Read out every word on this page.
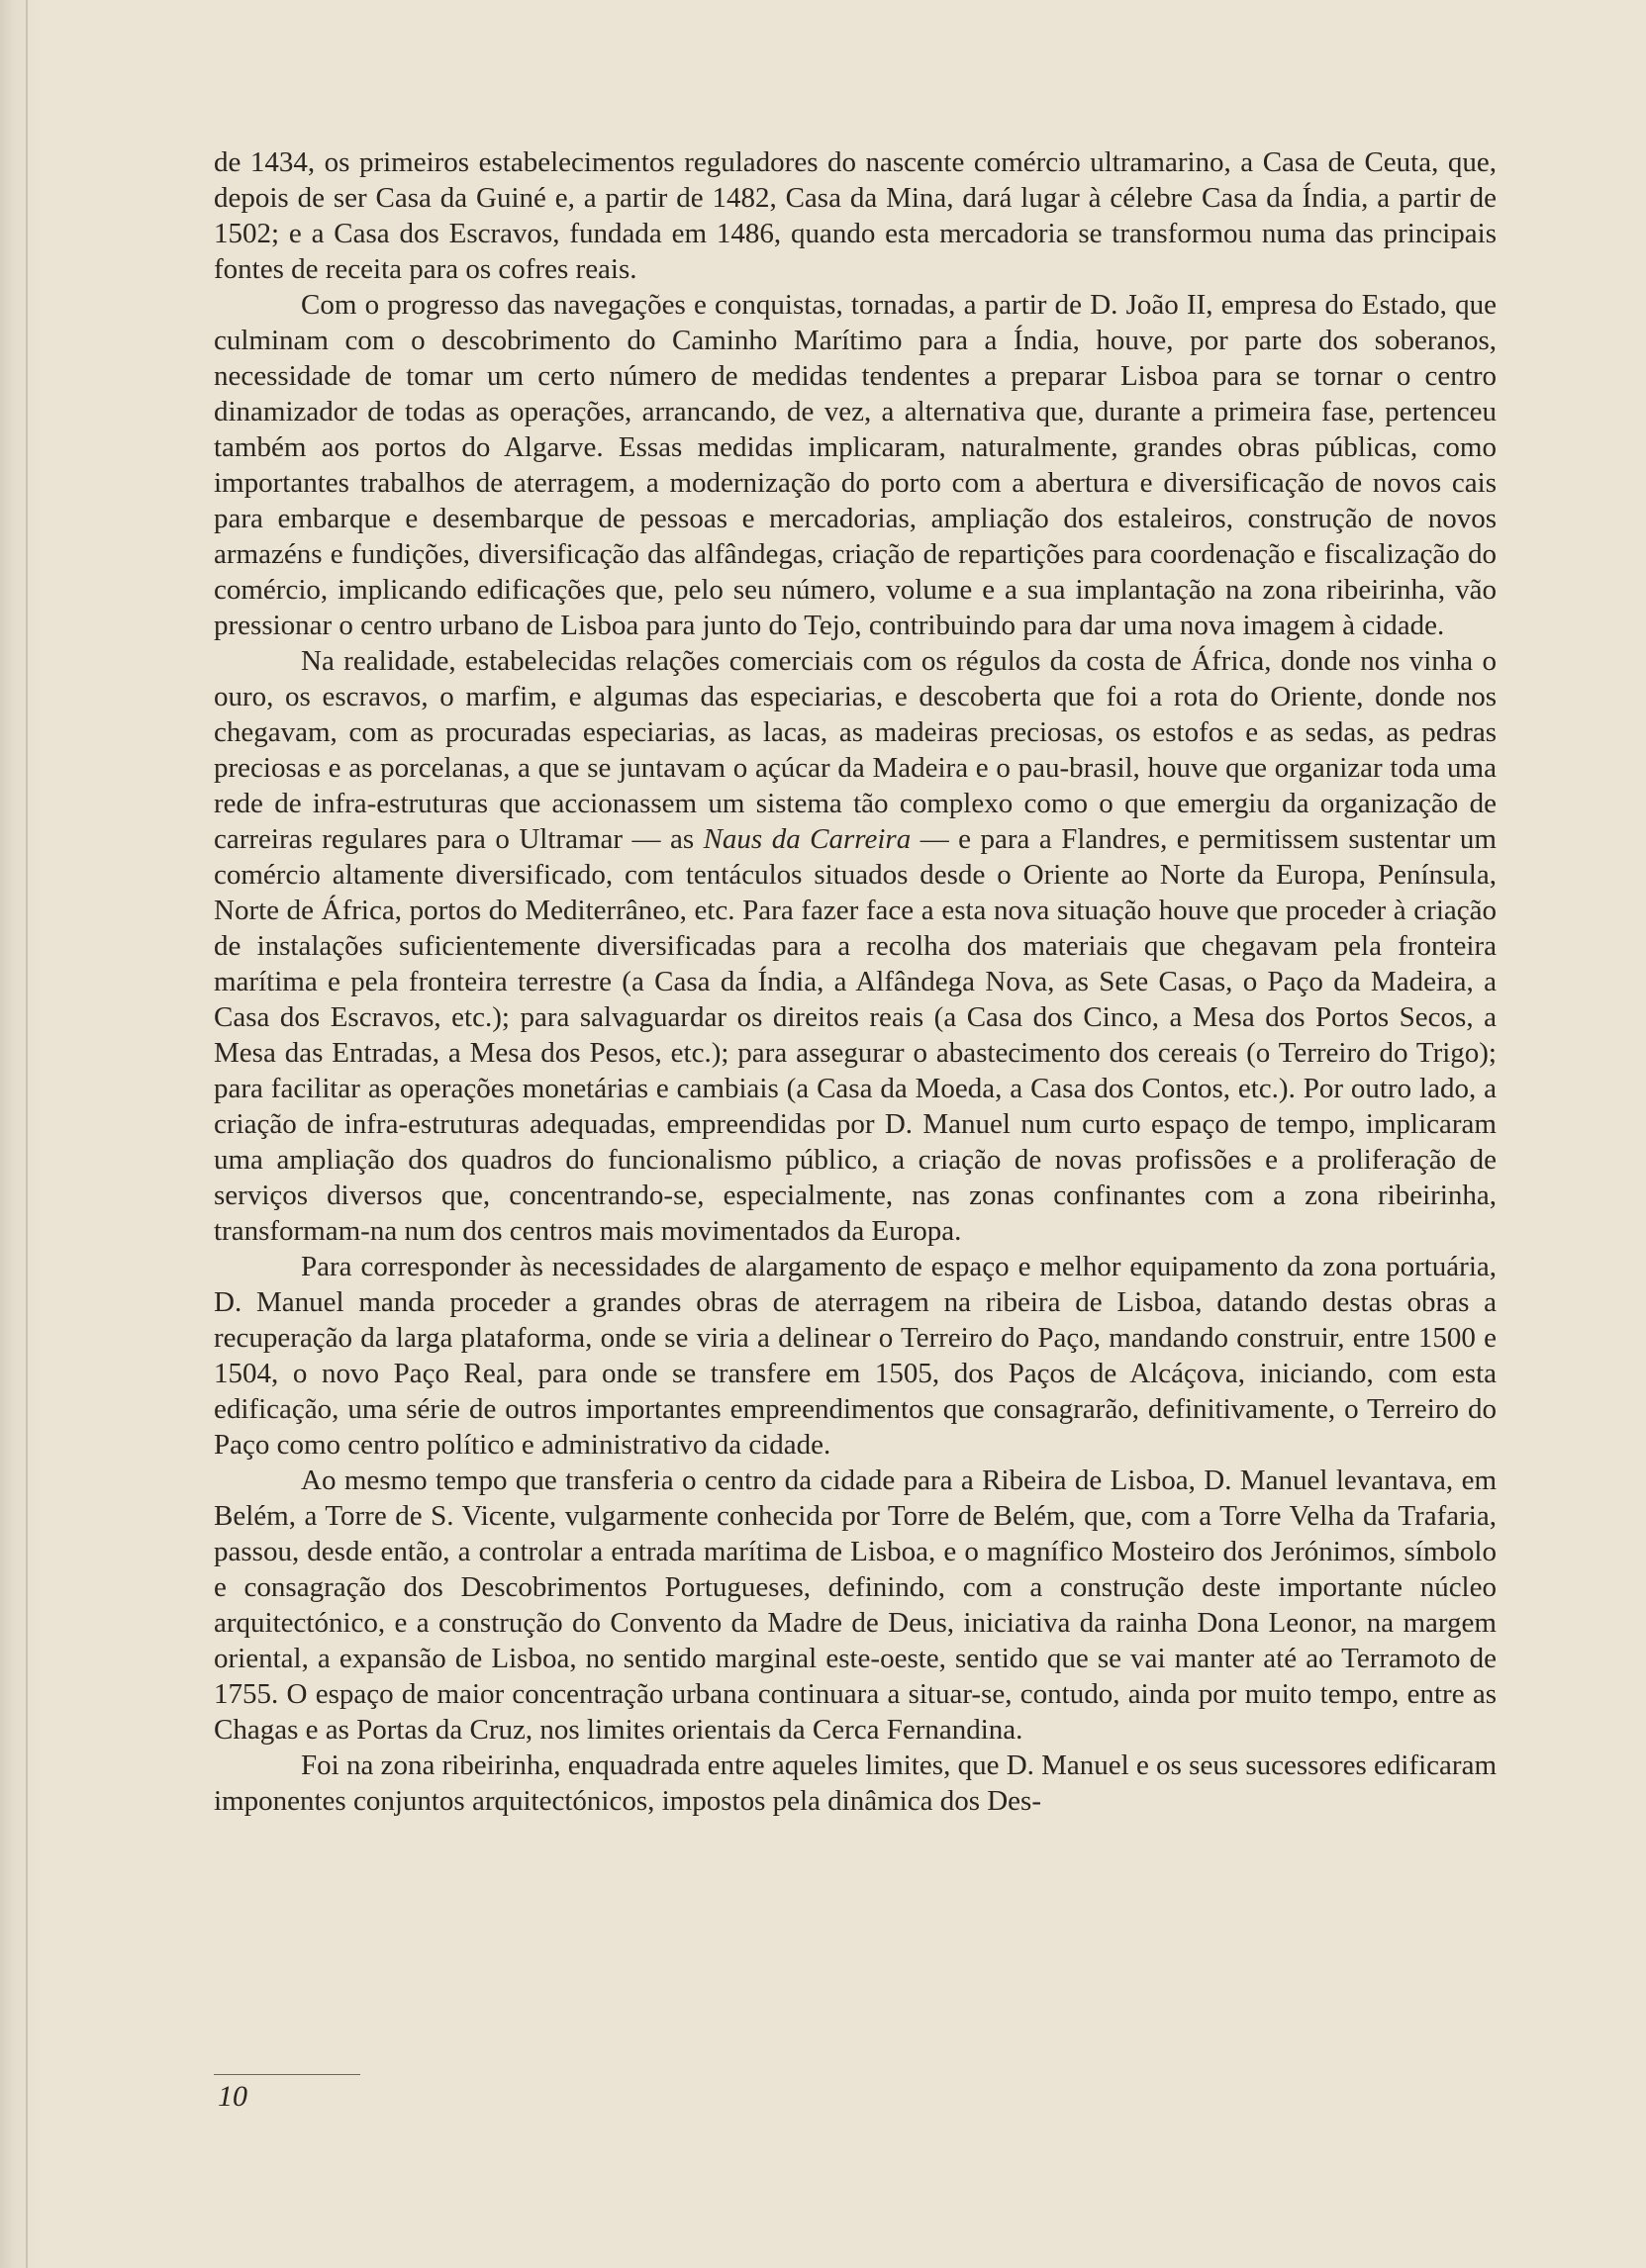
de 1434, os primeiros estabelecimentos reguladores do nascente comércio ultramarino, a Casa de Ceuta, que, depois de ser Casa da Guiné e, a partir de 1482, Casa da Mina, dará lugar à célebre Casa da Índia, a partir de 1502; e a Casa dos Escravos, fundada em 1486, quando esta mercadoria se transformou numa das principais fontes de receita para os cofres reais.

Com o progresso das navegações e conquistas, tornadas, a partir de D. João II, empresa do Estado, que culminam com o descobrimento do Caminho Marítimo para a Índia, houve, por parte dos soberanos, necessidade de tomar um certo número de medidas tendentes a preparar Lisboa para se tornar o centro dinamizador de todas as operações, arrancando, de vez, a alternativa que, durante a primeira fase, pertenceu também aos portos do Algarve. Essas medidas implicaram, naturalmente, grandes obras públicas, como importantes trabalhos de aterragem, a modernização do porto com a abertura e diversificação de novos cais para embarque e desembarque de pessoas e mercadorias, ampliação dos estaleiros, construção de novos armazéns e fundições, diversificação das alfândegas, criação de repartições para coordenação e fiscalização do comércio, implicando edificações que, pelo seu número, volume e a sua implantação na zona ribeirinha, vão pressionar o centro urbano de Lisboa para junto do Tejo, contribuindo para dar uma nova imagem à cidade.

Na realidade, estabelecidas relações comerciais com os régulos da costa de África, donde nos vinha o ouro, os escravos, o marfim, e algumas das especiarias, e descoberta que foi a rota do Oriente, donde nos chegavam, com as procuradas especiarias, as lacas, as madeiras preciosas, os estofos e as sedas, as pedras preciosas e as porcelanas, a que se juntavam o açúcar da Madeira e o pau-brasil, houve que organizar toda uma rede de infra-estruturas que accionassem um sistema tão complexo como o que emergiu da organização de carreiras regulares para o Ultramar — as Naus da Carreira — e para a Flandres, e permitissem sustentar um comércio altamente diversificado, com tentáculos situados desde o Oriente ao Norte da Europa, Península, Norte de África, portos do Mediterrâneo, etc. Para fazer face a esta nova situação houve que proceder à criação de instalações suficientemente diversificadas para a recolha dos materiais que chegavam pela fronteira marítima e pela fronteira terrestre (a Casa da Índia, a Alfândega Nova, as Sete Casas, o Paço da Madeira, a Casa dos Escravos, etc.); para salvaguardar os direitos reais (a Casa dos Cinco, a Mesa dos Portos Secos, a Mesa das Entradas, a Mesa dos Pesos, etc.); para assegurar o abastecimento dos cereais (o Terreiro do Trigo); para facilitar as operações monetárias e cambiais (a Casa da Moeda, a Casa dos Contos, etc.). Por outro lado, a criação de infra-estruturas adequadas, empreendidas por D. Manuel num curto espaço de tempo, implicaram uma ampliação dos quadros do funcionalismo público, a criação de novas profissões e a proliferação de serviços diversos que, concentrando-se, especialmente, nas zonas confinantes com a zona ribeirinha, transformam-na num dos centros mais movimentados da Europa.

Para corresponder às necessidades de alargamento de espaço e melhor equipamento da zona portuária, D. Manuel manda proceder a grandes obras de aterragem na ribeira de Lisboa, datando destas obras a recuperação da larga plataforma, onde se viria a delinear o Terreiro do Paço, mandando construir, entre 1500 e 1504, o novo Paço Real, para onde se transfere em 1505, dos Paços de Alcáçova, iniciando, com esta edificação, uma série de outros importantes empreendimentos que consagrarão, definitivamente, o Terreiro do Paço como centro político e administrativo da cidade.

Ao mesmo tempo que transferia o centro da cidade para a Ribeira de Lisboa, D. Manuel levantava, em Belém, a Torre de S. Vicente, vulgarmente conhecida por Torre de Belém, que, com a Torre Velha da Trafaria, passou, desde então, a controlar a entrada marítima de Lisboa, e o magnífico Mosteiro dos Jerónimos, símbolo e consagração dos Descobrimentos Portugueses, definindo, com a construção deste importante núcleo arquitectónico, e a construção do Convento da Madre de Deus, iniciativa da rainha Dona Leonor, na margem oriental, a expansão de Lisboa, no sentido marginal este-oeste, sentido que se vai manter até ao Terramoto de 1755. O espaço de maior concentração urbana continuara a situar-se, contudo, ainda por muito tempo, entre as Chagas e as Portas da Cruz, nos limites orientais da Cerca Fernandina.

Foi na zona ribeirinha, enquadrada entre aqueles limites, que D. Manuel e os seus sucessores edificaram imponentes conjuntos arquitectónicos, impostos pela dinâmica dos Des-

10
